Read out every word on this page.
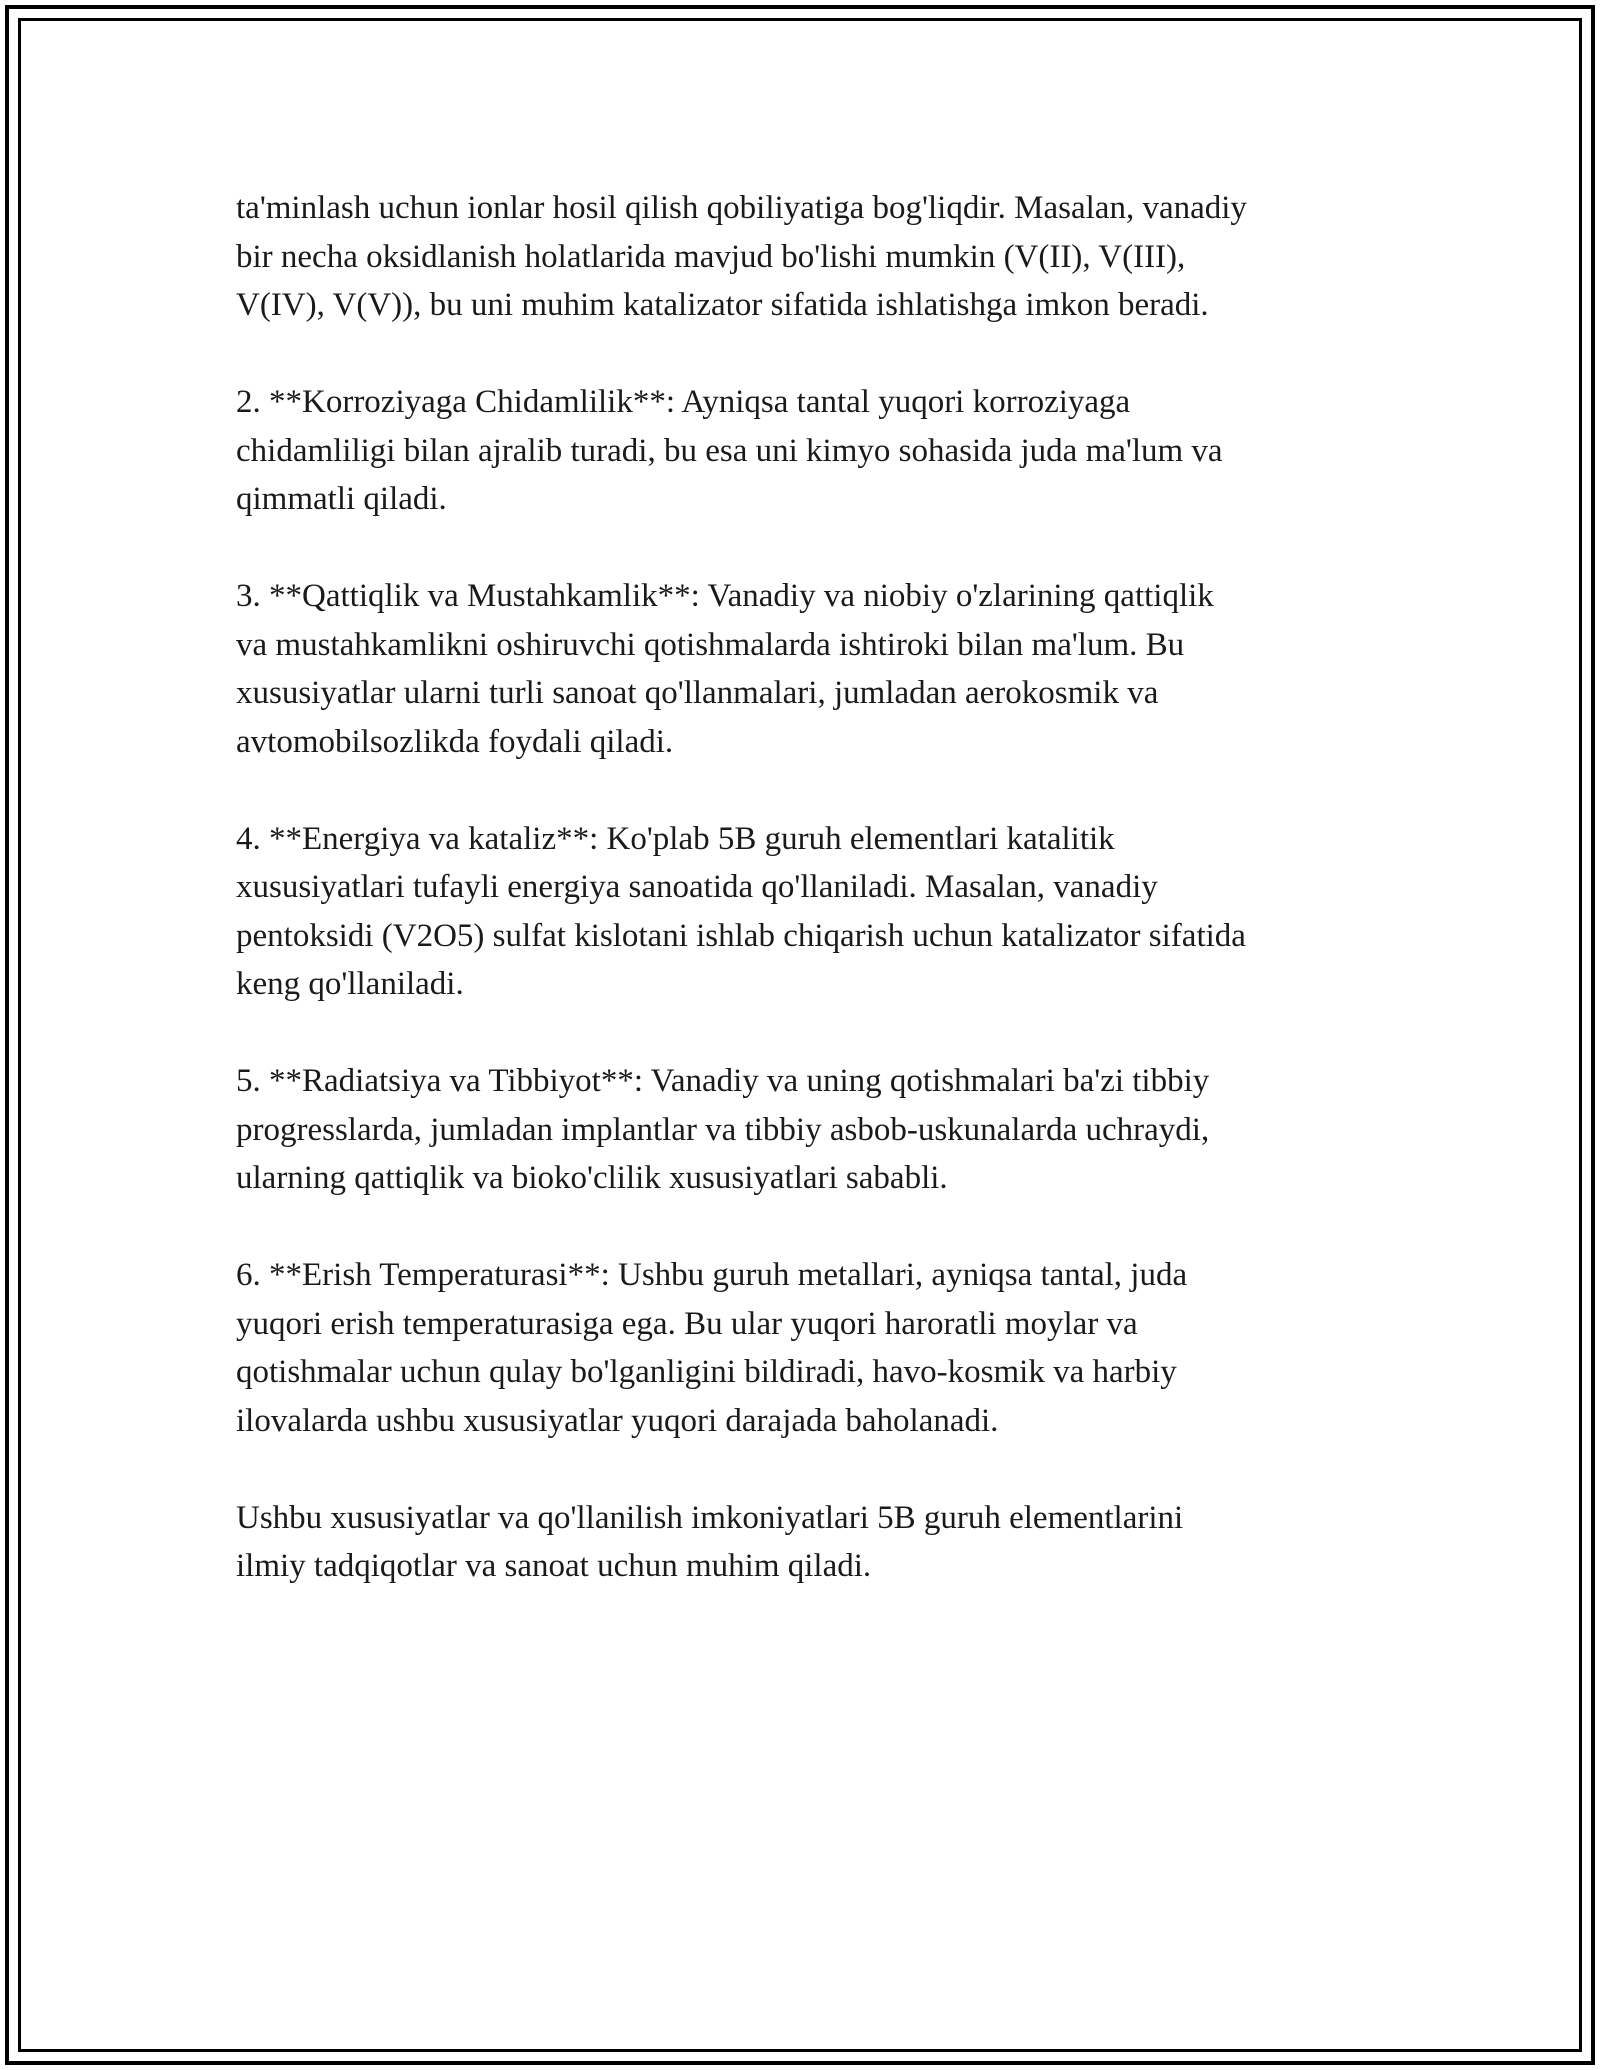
ta'minlash uchun ionlar hosil qilish qobiliyatiga bog'liqdir. Masalan, vanadiy
bir necha oksidlanish holatlarida mavjud bo'lishi mumkin (V(II), V(III),
V(IV), V(V)), bu uni muhim katalizator sifatida ishlatishga imkon beradi.

2. **Korroziyaga Chidamlilik**: Ayniqsa tantal yuqori korroziyaga
chidamliligi bilan ajralib turadi, bu esa uni kimyo sohasida juda ma'lum va
qimmatli qiladi.

3. **Qattiqlik va Mustahkamlik**: Vanadiy va niobiy o'zlarining qattiqlik
va mustahkamlikni oshiruvchi qotishmalarda ishtiroki bilan ma'lum. Bu
xususiyatlar ularni turli sanoat qo'llanmalari, jumladan aerokosmik va
avtomobilsozlikda foydali qiladi.

4. **Energiya va kataliz**: Ko'plab 5B guruh elementlari katalitik
xususiyatlari tufayli energiya sanoatida qo'llaniladi. Masalan, vanadiy
pentoksidi (V2O5) sulfat kislotani ishlab chiqarish uchun katalizator sifatida
keng qo'llaniladi.

5. **Radiatsiya va Tibbiyot**: Vanadiy va uning qotishmalari ba'zi tibbiy
progresslarda, jumladan implantlar va tibbiy asbob-uskunalarda uchraydi,
ularning qattiqlik va bioko'clilik xususiyatlari sababli.

6. **Erish Temperaturasi**: Ushbu guruh metallari, ayniqsa tantal, juda
yuqori erish temperaturasiga ega. Bu ular yuqori haroratli moylar va
qotishmalar uchun qulay bo'lganligini bildiradi, havo-kosmik va harbiy
ilovalarda ushbu xususiyatlar yuqori darajada baholanadi.

Ushbu xususiyatlar va qo'llanilish imkoniyatlari 5B guruh elementlarini
ilmiy tadqiqotlar va sanoat uchun muhim qiladi.
